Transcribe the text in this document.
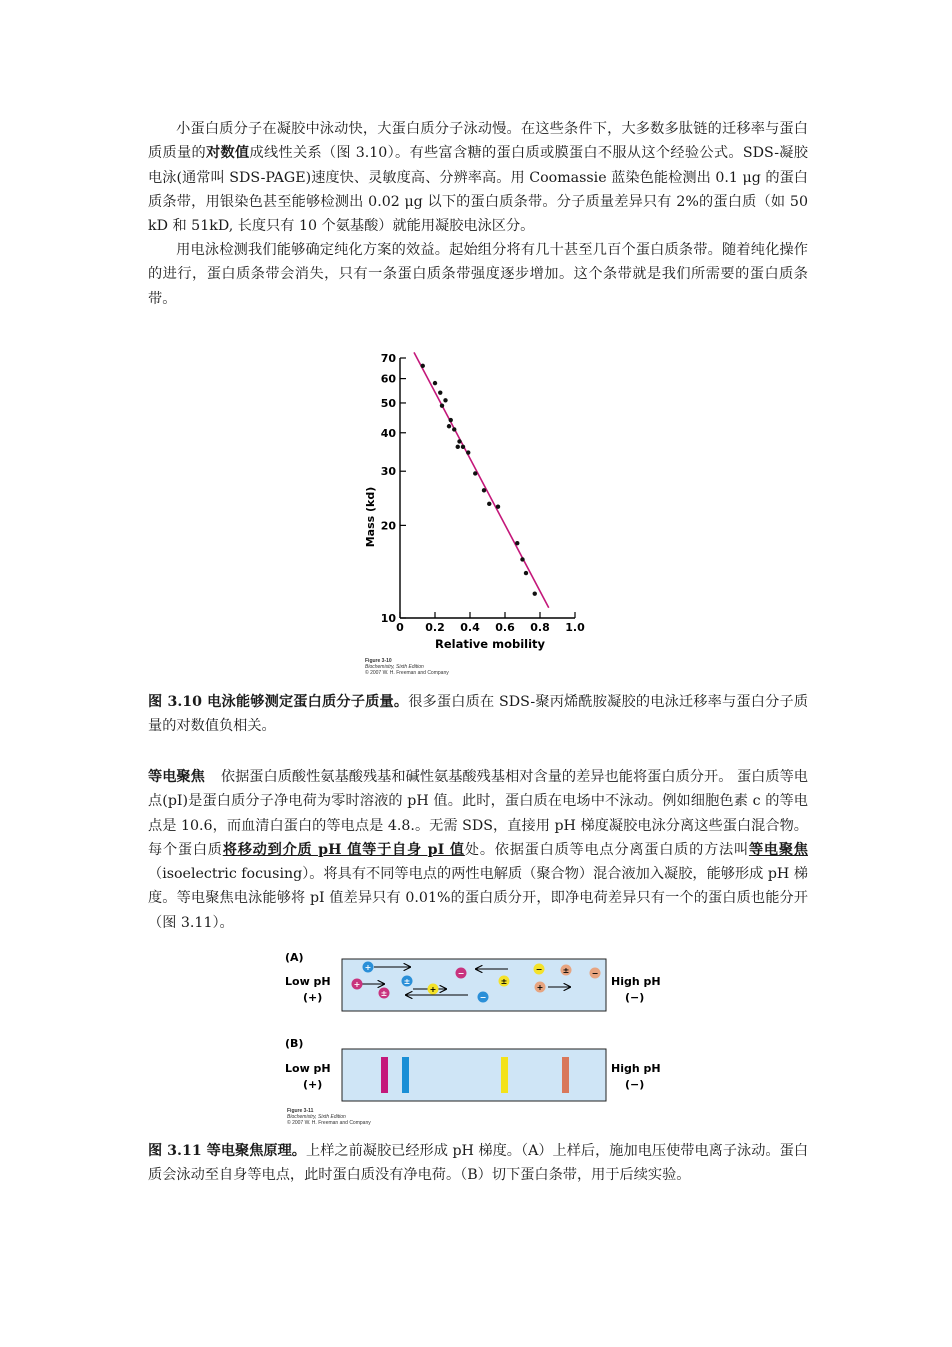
小蛋白质分子在凝胶中泳动快，大蛋白质分子泳动慢。在这些条件下，大多数多肽链的迁移率与蛋白质质量的对数值成线性关系（图 3.10）。有些富含糖的蛋白质或膜蛋白不服从这个经验公式。SDS-凝胶电泳(通常叫 SDS-PAGE)速度快、灵敏度高、分辨率高。用 Coomassie 蓝染色能检测出 0.1 μg 的蛋白质条带，用银染色甚至能够检测出 0.02 μg 以下的蛋白质条带。分子质量差异只有 2%的蛋白质（如 50 kD 和 51kD, 长度只有 10 个氨基酸）就能用凝胶电泳区分。

用电泳检测我们能够确定纯化方案的效益。起始组分将有几十甚至几百个蛋白质条带。随着纯化操作的进行，蛋白质条带会消失，只有一条蛋白质条带强度逐步增加。这个条带就是我们所需要的蛋白质条带。

70
60
50
40
30
20
10
0 0.2 0.4 0.6 0.8 1.0
Mass (kd)
Relative mobility
Figure 3-10
Biochemistry, Sixth Edition
© 2007 W. H. Freeman and Company

图 3.10 电泳能够测定蛋白质分子质量。很多蛋白质在 SDS-聚丙烯酰胺凝胶的电泳迁移率与蛋白分子质量的对数值负相关。

等电聚焦 依据蛋白质酸性氨基酸残基和碱性氨基酸残基相对含量的差异也能将蛋白质分开。 蛋白质等电点(pI)是蛋白质分子净电荷为零时溶液的 pH 值。此时，蛋白质在电场中不泳动。例如细胞色素 c 的等电点是 10.6，而血清白蛋白的等电点是 4.8.。无需 SDS，直接用 pH 梯度凝胶电泳分离这些蛋白混合物。每个蛋白质将移动到介质 pH 值等于自身 pI 值处。依据蛋白质等电点分离蛋白质的方法叫等电聚焦（isoelectric focusing）。将具有不同等电点的两性电解质（聚合物）混合液加入凝胶，能够形成 pH 梯度。等电聚焦电泳能够将 pI 值差异只有 0.01%的蛋白质分开，即净电荷差异只有一个的蛋白质也能分开（图 3.11）。

(A)
Low pH
(+)
High pH
(−)
+
−	−	±	−
+	±
±	+
±
+
−
(B)
Low pH
(+)
High pH
(−)
Figure 3-11
Biochemistry, Sixth Edition
© 2007 W. H. Freeman and Company

图 3.11 等电聚焦原理。上样之前凝胶已经形成 pH 梯度。（A）上样后，施加电压使带电离子泳动。蛋白质会泳动至自身等电点，此时蛋白质没有净电荷。（B）切下蛋白条带，用于后续实验。
